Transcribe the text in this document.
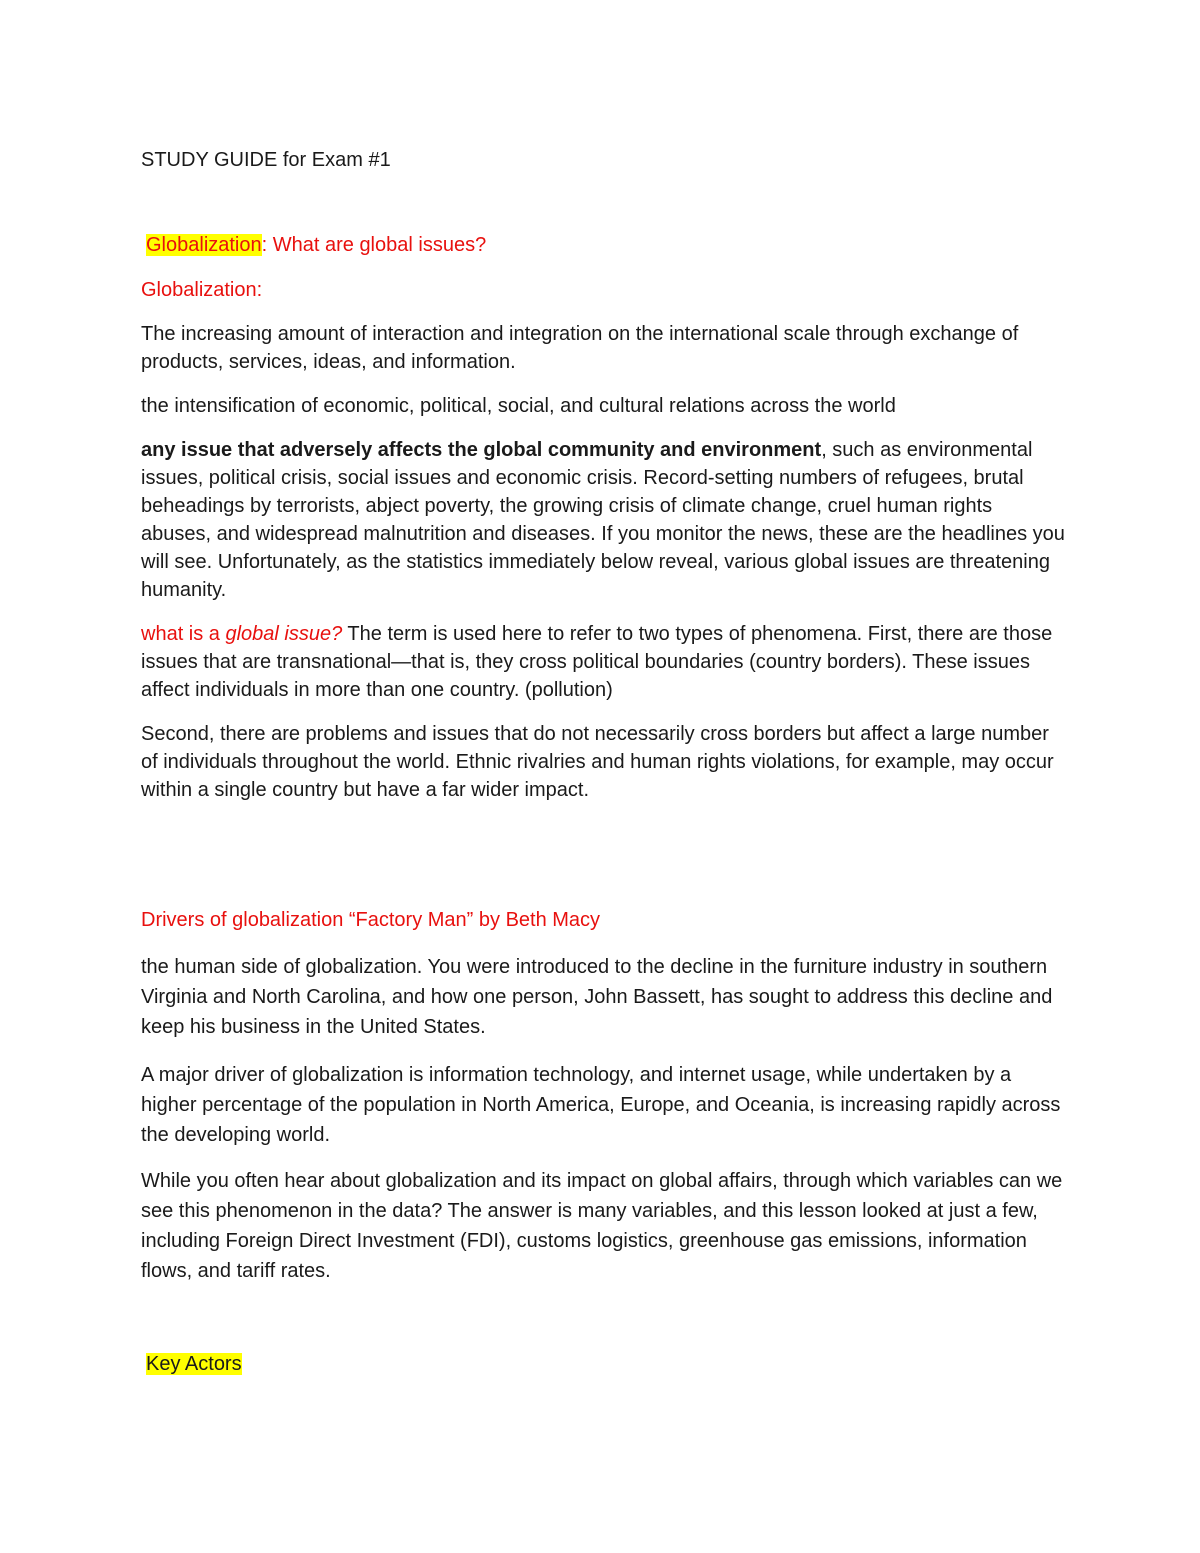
STUDY GUIDE for Exam #1

Globalization: What are global issues?

Globalization:

The increasing amount of interaction and integration on the international scale through exchange of products, services, ideas, and information.

the intensification of economic, political, social, and cultural relations across the world

any issue that adversely affects the global community and environment, such as environmental issues, political crisis, social issues and economic crisis. Record-setting numbers of refugees, brutal beheadings by terrorists, abject poverty, the growing crisis of climate change, cruel human rights abuses, and widespread malnutrition and diseases. If you monitor the news, these are the headlines you will see. Unfortunately, as the statistics immediately below reveal, various global issues are threatening humanity.

what is a global issue? The term is used here to refer to two types of phenomena. First, there are those issues that are transnational—that is, they cross political boundaries (country borders). These issues affect individuals in more than one country. (pollution)

Second, there are problems and issues that do not necessarily cross borders but affect a large number of individuals throughout the world. Ethnic rivalries and human rights violations, for example, may occur within a single country but have a far wider impact.

Drivers of globalization “Factory Man” by Beth Macy

the human side of globalization. You were introduced to the decline in the furniture industry in southern Virginia and North Carolina, and how one person, John Bassett, has sought to address this decline and keep his business in the United States.

A major driver of globalization is information technology, and internet usage, while undertaken by a higher percentage of the population in North America, Europe, and Oceania, is increasing rapidly across the developing world.

While you often hear about globalization and its impact on global affairs, through which variables can we see this phenomenon in the data? The answer is many variables, and this lesson looked at just a few, including Foreign Direct Investment (FDI), customs logistics, greenhouse gas emissions, information flows, and tariff rates.

Key Actors
